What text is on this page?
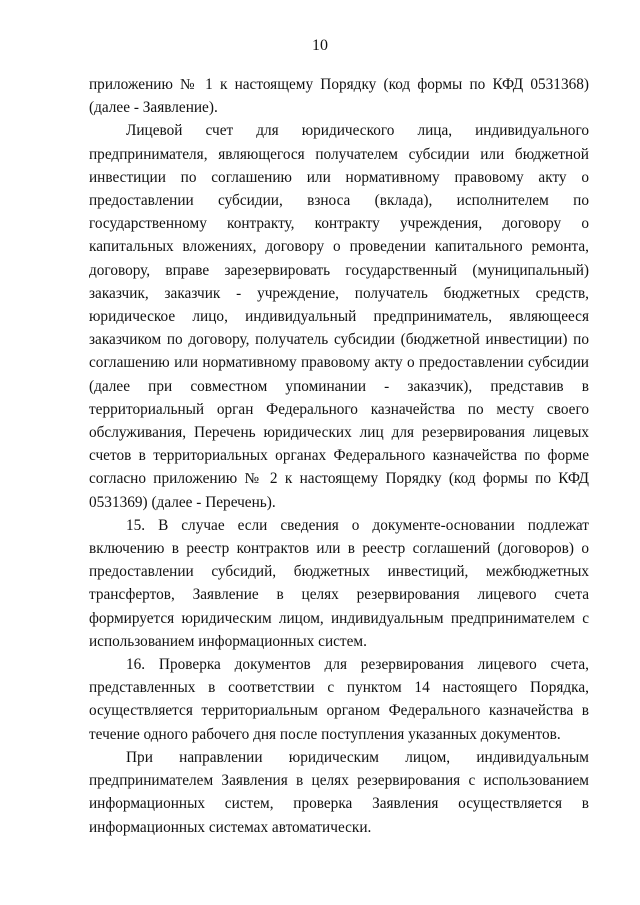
10

приложению № 1 к настоящему Порядку (код формы по КФД 0531368) (далее - Заявление).

Лицевой счет для юридического лица, индивидуального предпринимателя, являющегося получателем субсидии или бюджетной инвестиции по соглашению или нормативному правовому акту о предоставлении субсидии, взноса (вклада), исполнителем по государственному контракту, контракту учреждения, договору о капитальных вложениях, договору о проведении капитального ремонта, договору, вправе зарезервировать государственный (муниципальный) заказчик, заказчик - учреждение, получатель бюджетных средств, юридическое лицо, индивидуальный предприниматель, являющееся заказчиком по договору, получатель субсидии (бюджетной инвестиции) по соглашению или нормативному правовому акту о предоставлении субсидии (далее при совместном упоминании - заказчик), представив в территориальный орган Федерального казначейства по месту своего обслуживания, Перечень юридических лиц для резервирования лицевых счетов в территориальных органах Федерального казначейства по форме согласно приложению № 2 к настоящему Порядку (код формы по КФД 0531369) (далее - Перечень).

15. В случае если сведения о документе-основании подлежат включению в реестр контрактов или в реестр соглашений (договоров) о предоставлении субсидий, бюджетных инвестиций, межбюджетных трансфертов, Заявление в целях резервирования лицевого счета формируется юридическим лицом, индивидуальным предпринимателем с использованием информационных систем.

16. Проверка документов для резервирования лицевого счета, представленных в соответствии с пунктом 14 настоящего Порядка, осуществляется территориальным органом Федерального казначейства в течение одного рабочего дня после поступления указанных документов.

При направлении юридическим лицом, индивидуальным предпринимателем Заявления в целях резервирования с использованием информационных систем, проверка Заявления осуществляется в информационных системах автоматически.
